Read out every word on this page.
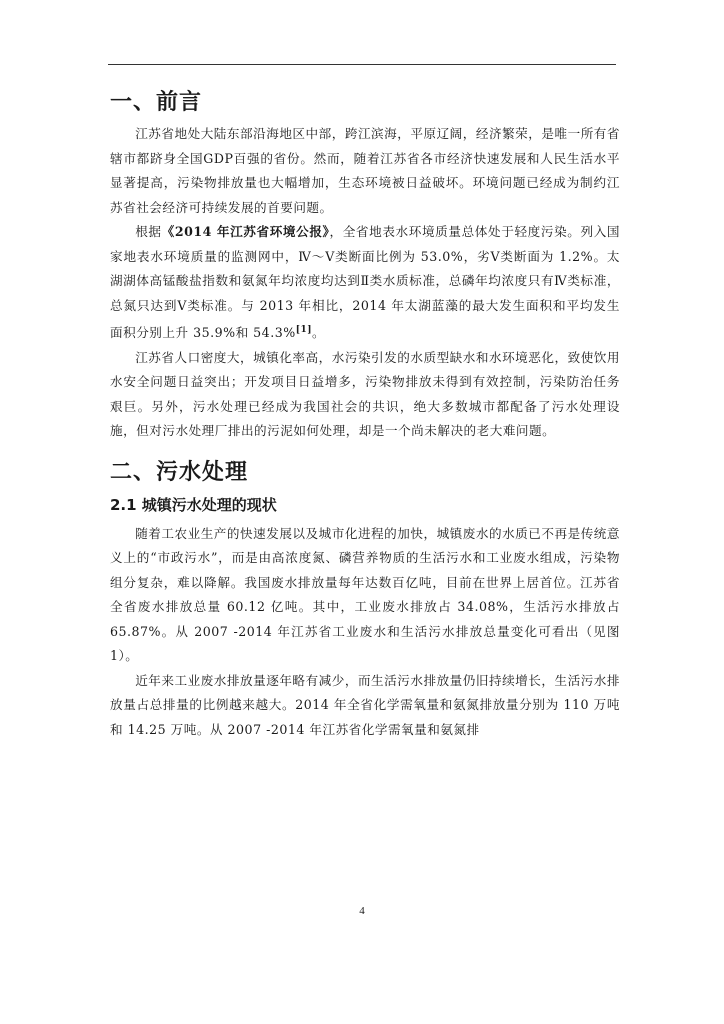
一、前言

江苏省地处大陆东部沿海地区中部，跨江滨海，平原辽阔，经济繁荣，是唯一所有省辖市都跻身全国GDP百强的省份。然而，随着江苏省各市经济快速发展和人民生活水平显著提高，污染物排放量也大幅增加，生态环境被日益破坏。环境问题已经成为制约江苏省社会经济可持续发展的首要问题。

根据《2014 年江苏省环境公报》，全省地表水环境质量总体处于轻度污染。列入国家地表水环境质量的监测网中，Ⅳ～Ⅴ类断面比例为 53.0%，劣Ⅴ类断面为 1.2%。太湖湖体高锰酸盐指数和氨氮年均浓度均达到Ⅱ类水质标准，总磷年均浓度只有Ⅳ类标准，总氮只达到Ⅴ类标准。与 2013 年相比，2014 年太湖蓝藻的最大发生面积和平均发生面积分别上升 35.9%和 54.3%[1]。

江苏省人口密度大，城镇化率高，水污染引发的水质型缺水和水环境恶化，致使饮用水安全问题日益突出；开发项目日益增多，污染物排放未得到有效控制，污染防治任务艰巨。另外，污水处理已经成为我国社会的共识，绝大多数城市都配备了污水处理设施，但对污水处理厂排出的污泥如何处理，却是一个尚未解决的老大难问题。

二、污水处理
2.1 城镇污水处理的现状

随着工农业生产的快速发展以及城市化进程的加快，城镇废水的水质已不再是传统意义上的“市政污水”，而是由高浓度氮、磷营养物质的生活污水和工业废水组成，污染物组分复杂，难以降解。我国废水排放量每年达数百亿吨，目前在世界上居首位。江苏省全省废水排放总量 60.12 亿吨。其中，工业废水排放占 34.08%，生活污水排放占 65.87%。从 2007 -2014 年江苏省工业废水和生活污水排放总量变化可看出（见图 1）。

近年来工业废水排放量逐年略有减少，而生活污水排放量仍旧持续增长，生活污水排放量占总排量的比例越来越大。2014 年全省化学需氧量和氨氮排放量分别为 110 万吨和 14.25 万吨。从 2007 -2014 年江苏省化学需氧量和氨氮排

4
